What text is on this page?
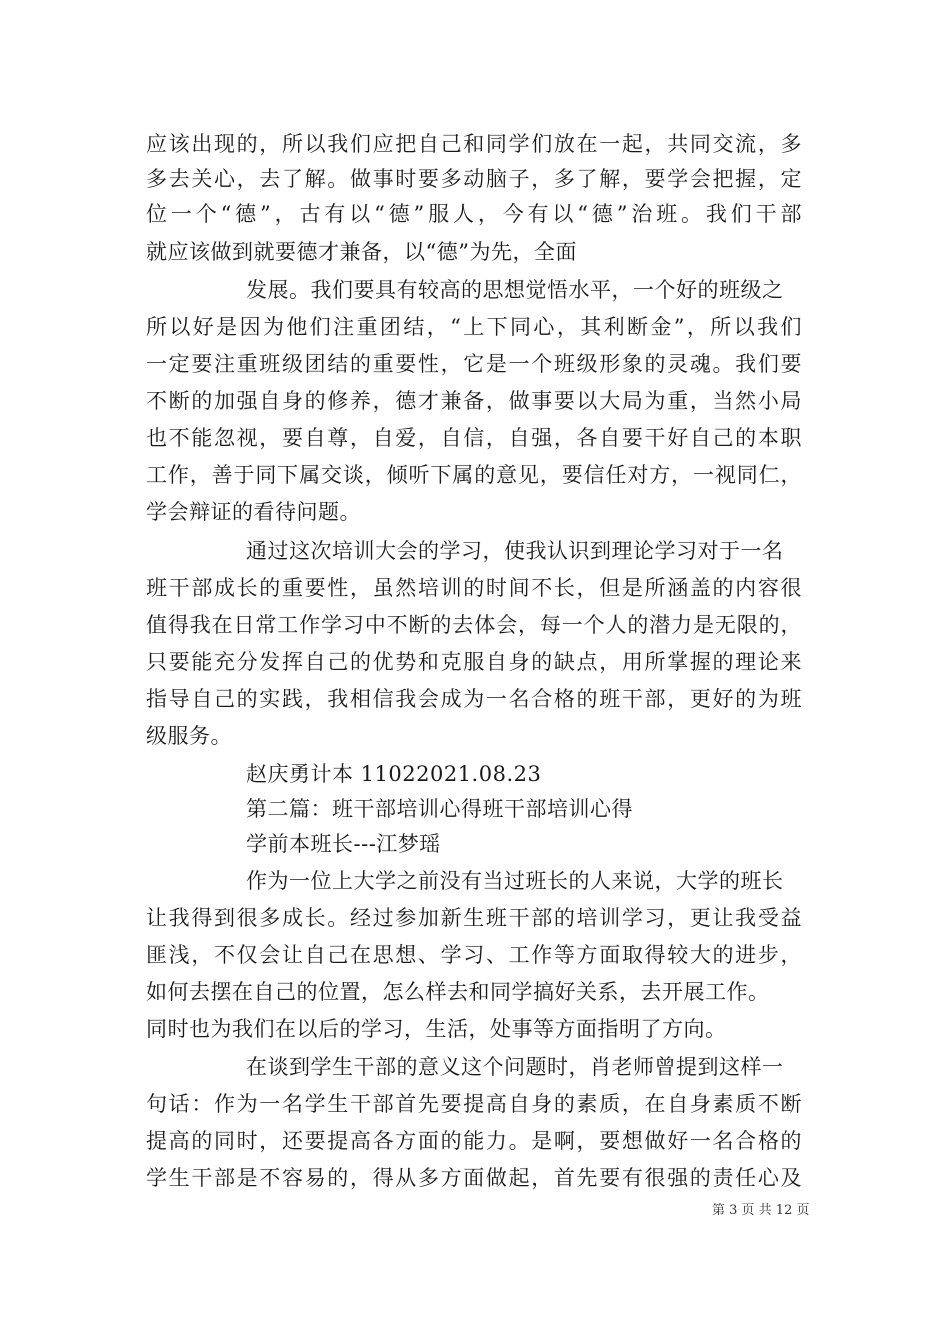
应该出现的，所以我们应把自己和同学们放在一起，共同交流，多
多去关心，去了解。做事时要多动脑子，多了解，要学会把握，定
位一个“德”，古有以“德”服人，今有以“德”治班。我们干部
就应该做到就要德才兼备，以“德”为先，全面
发展。我们要具有较高的思想觉悟水平，一个好的班级之
所以好是因为他们注重团结，“上下同心，其利断金”，所以我们
一定要注重班级团结的重要性，它是一个班级形象的灵魂。我们要
不断的加强自身的修养，德才兼备，做事要以大局为重，当然小局
也不能忽视，要自尊，自爱，自信，自强，各自要干好自己的本职
工作，善于同下属交谈，倾听下属的意见，要信任对方，一视同仁，
学会辩证的看待问题。
通过这次培训大会的学习，使我认识到理论学习对于一名
班干部成长的重要性，虽然培训的时间不长，但是所涵盖的内容很
值得我在日常工作学习中不断的去体会，每一个人的潜力是无限的，
只要能充分发挥自己的优势和克服自身的缺点，用所掌握的理论来
指导自己的实践，我相信我会成为一名合格的班干部，更好的为班
级服务。
赵庆勇计本 11022021.08.23
第二篇：班干部培训心得班干部培训心得
学前本班长---江梦瑶
作为一位上大学之前没有当过班长的人来说，大学的班长
让我得到很多成长。经过参加新生班干部的培训学习，更让我受益
匪浅，不仅会让自己在思想、学习、工作等方面取得较大的进步，
如何去摆在自己的位置，怎么样去和同学搞好关系，去开展工作。
同时也为我们在以后的学习，生活，处事等方面指明了方向。
在谈到学生干部的意义这个问题时，肖老师曾提到这样一
句话：作为一名学生干部首先要提高自身的素质，在自身素质不断
提高的同时，还要提高各方面的能力。是啊，要想做好一名合格的
学生干部是不容易的，得从多方面做起，首先要有很强的责任心及
第 3 页 共 12 页
